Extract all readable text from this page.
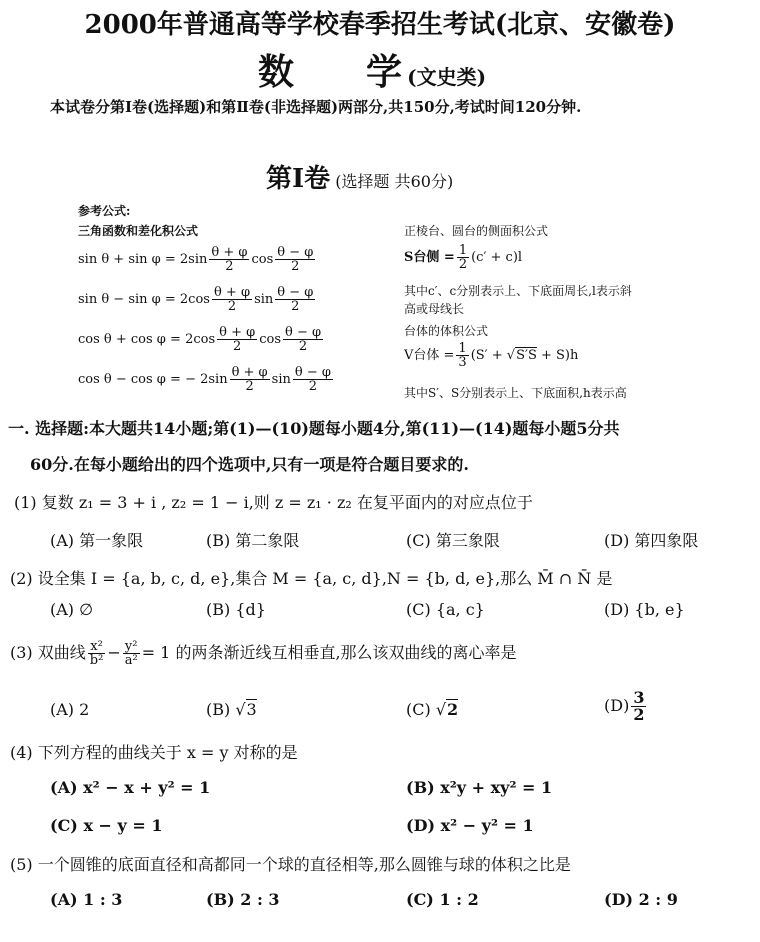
2000年普通高等学校春季招生考试(北京、安徽卷)
数　　学 (文史类)
本试卷分第Ⅰ卷(选择题)和第Ⅱ卷(非选择题)两部分,共150分,考试时间120分钟.
第Ⅰ卷 (选择题 共60分)
参考公式:
三角函数和差化积公式
$\sin \theta + \sin \varphi = 2\sin \frac{\theta + \varphi}{2}$ $\cos \frac{\theta - \varphi}{2}$
$\sin \theta - \sin \varphi = 2\cos \frac{\theta + \varphi}{2}$ $\sin \frac{\theta - \varphi}{2}$
$\cos \theta + \cos \varphi = 2\cos \frac{\theta + \varphi}{2}$ $\cos \frac{\theta - \varphi}{2}$
cos θ − cos φ = − $2\sin \frac{\theta + \varphi}{2}$ $\sin \frac{\theta - \varphi}{2}$
正棱台、圆台的侧面积公式
S台侧 = $\frac{1}{2} (c' + c)l$
其中c′、c分别表示上、下底面周长,l表示斜
高或母线长
台体的体积公式
V台体 = $\frac{1}{3} (S' + √S'S + S)h$
其中S′、S分别表示上、下底面积,h表示高
一. 选择题:本大题共14小题;第(1)—(10)题每小题4分,第(11)—(14)题每小题5分共
60分.在每小题给出的四个选项中,只有一项是符合题目要求的.
(1) 复数 z₁ = 3 + i , z₂ = 1 − i,则 z = z₁ · z₂ 在复平面内的对应点位于
(A) 第一象限	(B) 第二象限	(C) 第三象限	(D) 第四象限
(2) 设全集 I = {a, b, c, d, e},集合 M = {a, c, d},N = {b, d, e},那么 M̄ ∩ N̄ 是
(A) ∅	(B) {d}	(C) {a, c}	(D) {b, e}
(3) 双曲线 $\frac{\text{x²}}{\text{b²}} - \frac{\text{y²}}{\text{a²}} = 1$ 的两条渐近线互相垂直,那么该双曲线的离心率是
(A) 2	(B) √3	(C) √2	$(D) \frac{3}{2}$
(4) 下列方程的曲线关于 x = y 对称的是
(A) x² − x + y² = 1	(B) x²y + xy² = 1
(C) x − y = 1	(D) x² − y² = 1
(5) 一个圆锥的底面直径和高都同一个球的直径相等,那么圆锥与球的体积之比是
(A) 1 : 3	(B) 2 : 3	(C) 1 : 2	(D) 2 : 9
